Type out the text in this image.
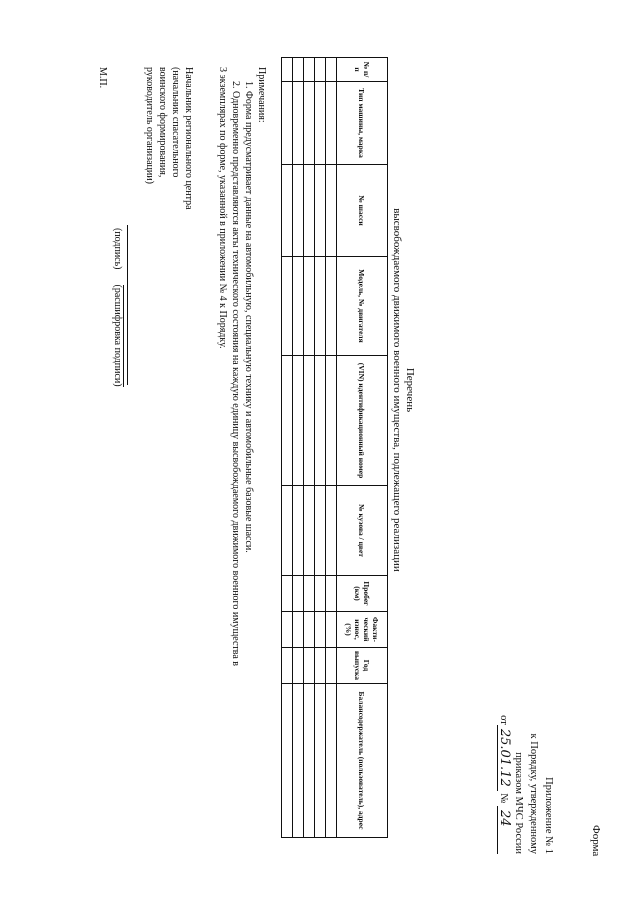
Форма
Приложение № 1
к Порядку, утвержденному
приказом МЧС России
от25.01.12 № 24
Перечень
высвобождаемого движимого военного имущества, подлежащего реализации
№ п/п	Тип машины, марка	№ шасси	Модель, № двигателя	(VIN) идентификационный номер	№ кузова / цвет	Пробег (км)	Факти-ческий износ, (%)	Год выпуска	Балансодержатель (пользователь), адрес

Примечания:
1. Форма предусматривает данные на автомобильную, специальную технику и автомобильные базовые шасси.
2. Одновременно представляются акты технического состояния на каждую единицу высвобождаемого движимого военного имущества в
3 экземплярах по форме, указанной в приложении № 4 к Порядку.
Начальник регионального центра
(начальник спасательного
воинского формирования,
руководитель организации)
(подпись)  (расшифровка подписи)
М.П.
